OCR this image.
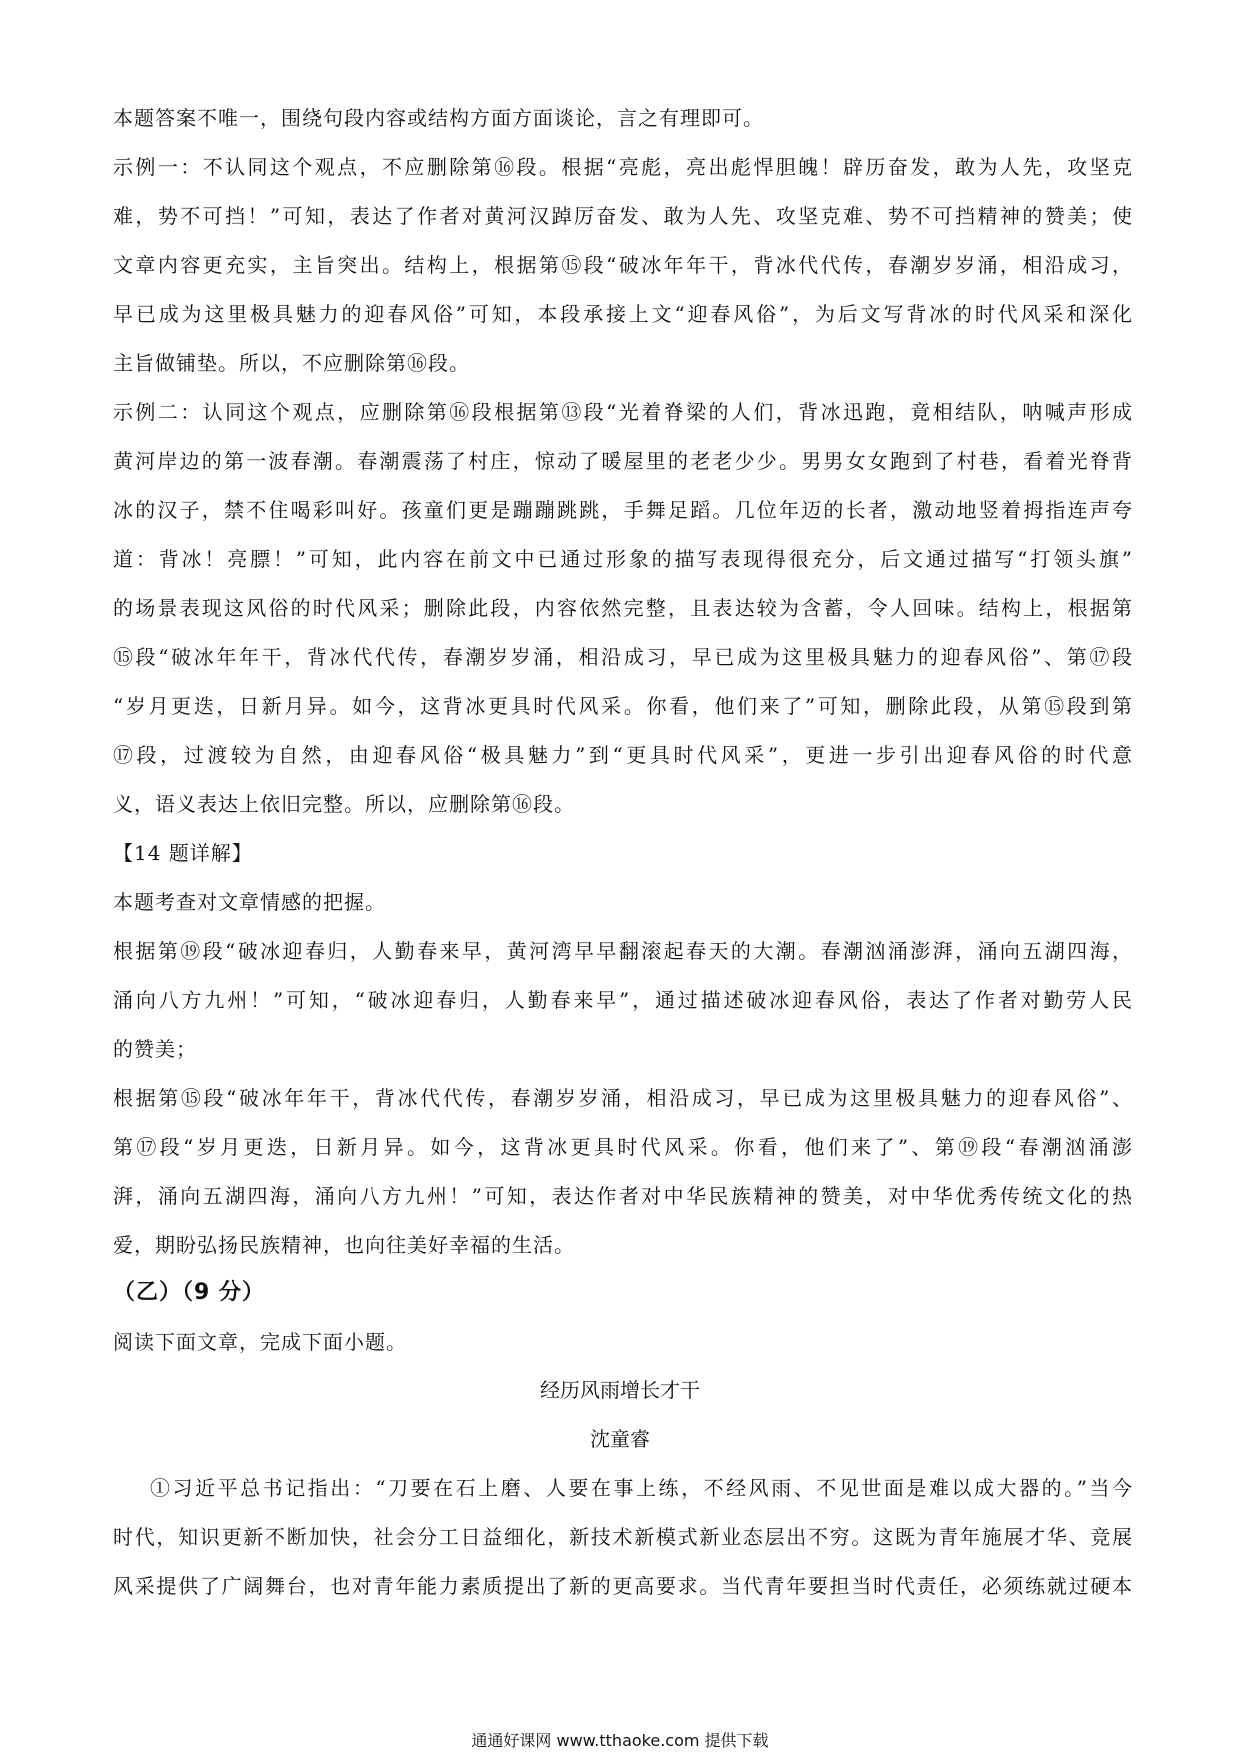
本题答案不唯一，围绕句段内容或结构方面方面谈论，言之有理即可。
示例一：不认同这个观点，不应删除第⑯段。根据“亮彪，亮出彪悍胆魄！辟历奋发，敢为人先，攻坚克
难，势不可挡！”可知，表达了作者对黄河汉踔厉奋发、敢为人先、攻坚克难、势不可挡精神的赞美；使
文章内容更充实，主旨突出。结构上，根据第⑮段“破冰年年干，背冰代代传，春潮岁岁涌，相沿成习，
早已成为这里极具魅力的迎春风俗”可知，本段承接上文“迎春风俗”，为后文写背冰的时代风采和深化
主旨做铺垫。所以，不应删除第⑯段。
示例二：认同这个观点，应删除第⑯段根据第⑬段“光着脊梁的人们，背冰迅跑，竟相结队，呐喊声形成
黄河岸边的第一波春潮。春潮震荡了村庄，惊动了暖屋里的老老少少。男男女女跑到了村巷，看着光脊背
冰的汉子，禁不住喝彩叫好。孩童们更是蹦蹦跳跳，手舞足蹈。几位年迈的长者，激动地竖着拇指连声夸
道：背冰！亮膘！”可知，此内容在前文中已通过形象的描写表现得很充分，后文通过描写“打领头旗”
的场景表现这风俗的时代风采；删除此段，内容依然完整，且表达较为含蓄，令人回味。结构上，根据第
⑮段“破冰年年干，背冰代代传，春潮岁岁涌，相沿成习，早已成为这里极具魅力的迎春风俗”、第⑰段
“岁月更迭，日新月异。如今，这背冰更具时代风采。你看，他们来了”可知，删除此段，从第⑮段到第
⑰段，过渡较为自然，由迎春风俗“极具魅力”到“更具时代风采”，更进一步引出迎春风俗的时代意
义，语义表达上依旧完整。所以，应删除第⑯段。
【14 题详解】
本题考查对文章情感的把握。
根据第⑲段“破冰迎春归，人勤春来早，黄河湾早早翻滚起春天的大潮。春潮汹涌澎湃，涌向五湖四海，
涌向八方九州！”可知，“破冰迎春归，人勤春来早”，通过描述破冰迎春风俗，表达了作者对勤劳人民
的赞美；
根据第⑮段“破冰年年干，背冰代代传，春潮岁岁涌，相沿成习，早已成为这里极具魅力的迎春风俗”、
第⑰段“岁月更迭，日新月异。如今，这背冰更具时代风采。你看，他们来了”、第⑲段“春潮汹涌澎
湃，涌向五湖四海，涌向八方九州！”可知，表达作者对中华民族精神的赞美，对中华优秀传统文化的热
爱，期盼弘扬民族精神，也向往美好幸福的生活。
（乙）（9 分）
阅读下面文章，完成下面小题。
经历风雨增长才干
沈童睿
①习近平总书记指出：“刀要在石上磨、人要在事上练，不经风雨、不见世面是难以成大器的。”当今
时代，知识更新不断加快，社会分工日益细化，新技术新模式新业态层出不穷。这既为青年施展才华、竞展
风采提供了广阔舞台，也对青年能力素质提出了新的更高要求。当代青年要担当时代责任，必须练就过硬本
通通好课网 www.tthaoke.com 提供下载
